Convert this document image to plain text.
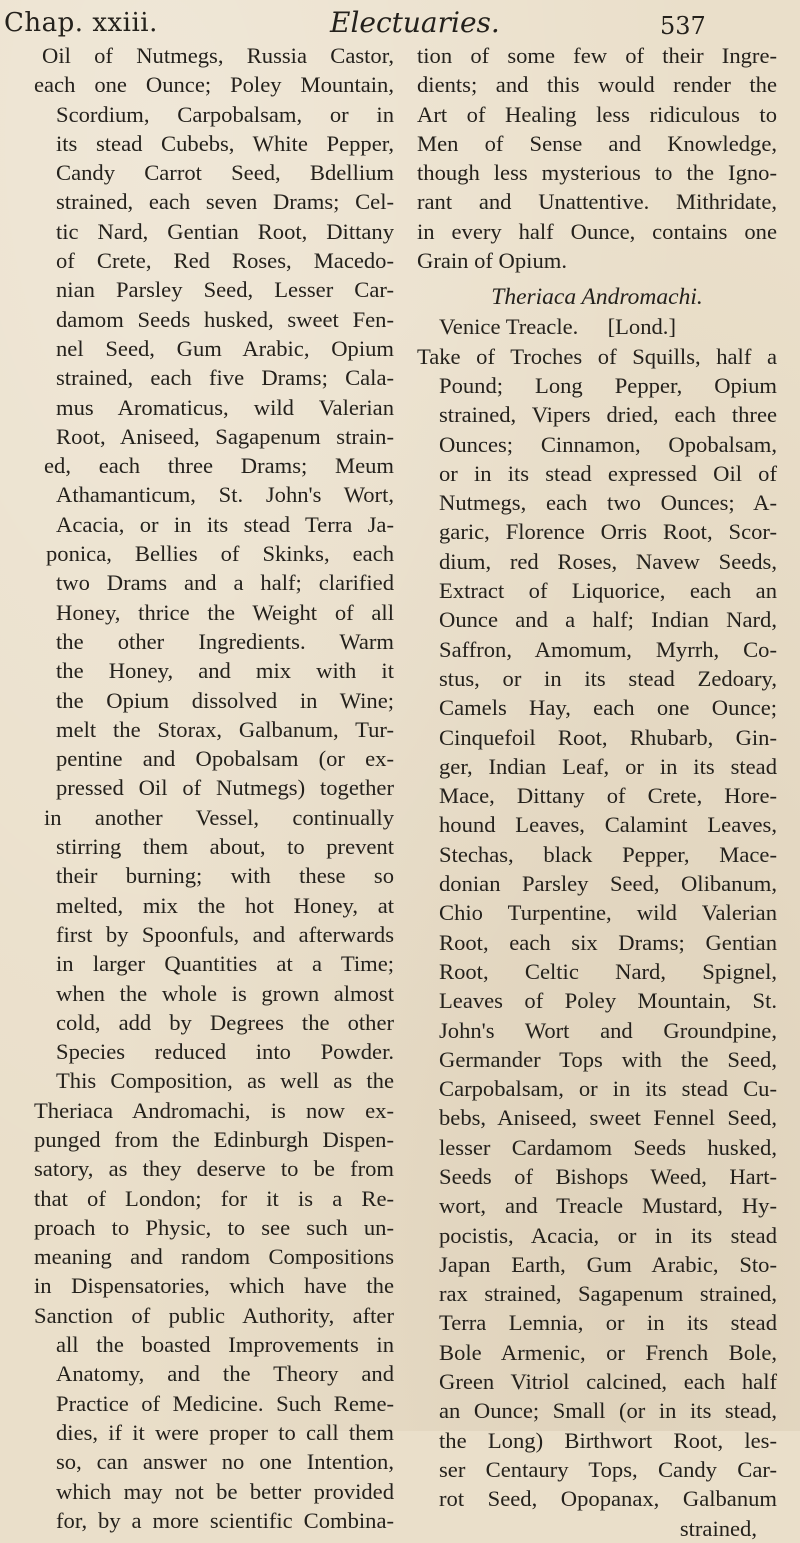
Chap. xxiii.	Electuaries.	537
Oil of Nutmegs, Russia Castor,
each one Ounce; Poley Mountain,
Scordium, Carpobalsam, or in
its stead Cubebs, White Pepper,
Candy Carrot Seed, Bdellium
strained, each seven Drams; Cel-
tic Nard, Gentian Root, Dittany
of Crete, Red Roses, Macedo-
nian Parsley Seed, Lesser Car-
damom Seeds husked, sweet Fen-
nel Seed, Gum Arabic, Opium
strained, each five Drams; Cala-
mus Aromaticus, wild Valerian
Root, Aniseed, Sagapenum strain-
ed, each three Drams; Meum
Athamanticum, St. John's Wort,
Acacia, or in its stead Terra Ja-
ponica, Bellies of Skinks, each
two Drams and a half; clarified
Honey, thrice the Weight of all
the other Ingredients. Warm
the Honey, and mix with it
the Opium dissolved in Wine;
melt the Storax, Galbanum, Tur-
pentine and Opobalsam (or ex-
pressed Oil of Nutmegs) together
in another Vessel, continually
stirring them about, to prevent
their burning; with these so
melted, mix the hot Honey, at
first by Spoonfuls, and afterwards
in larger Quantities at a Time;
when the whole is grown almost
cold, add by Degrees the other
Species reduced into Powder.
This Composition, as well as the
Theriaca Andromachi, is now ex-
punged from the Edinburgh Dispen-
satory, as they deserve to be from
that of London; for it is a Re-
proach to Physic, to see such un-
meaning and random Compositions
in Dispensatories, which have the
Sanction of public Authority, after
all the boasted Improvements in
Anatomy, and the Theory and
Practice of Medicine. Such Reme-
dies, if it were proper to call them
so, can answer no one Intention,
which may not be better provided
for, by a more scientific Combina-
tion of some few of their Ingre-
dients; and this would render the
Art of Healing less ridiculous to
Men of Sense and Knowledge,
though less mysterious to the Igno-
rant and Unattentive. Mithridate,
in every half Ounce, contains one
Grain of Opium.
Theriaca Andromachi.
Venice Treacle. [Lond.]
Take of Troches of Squills, half a
Pound; Long Pepper, Opium
strained, Vipers dried, each three
Ounces; Cinnamon, Opobalsam,
or in its stead expressed Oil of
Nutmegs, each two Ounces; A-
garic, Florence Orris Root, Scor-
dium, red Roses, Navew Seeds,
Extract of Liquorice, each an
Ounce and a half; Indian Nard,
Saffron, Amomum, Myrrh, Co-
stus, or in its stead Zedoary,
Camels Hay, each one Ounce;
Cinquefoil Root, Rhubarb, Gin-
ger, Indian Leaf, or in its stead
Mace, Dittany of Crete, Hore-
hound Leaves, Calamint Leaves,
Stechas, black Pepper, Mace-
donian Parsley Seed, Olibanum,
Chio Turpentine, wild Valerian
Root, each six Drams; Gentian
Root, Celtic Nard, Spignel,
Leaves of Poley Mountain, St.
John's Wort and Groundpine,
Germander Tops with the Seed,
Carpobalsam, or in its stead Cu-
bebs, Aniseed, sweet Fennel Seed,
lesser Cardamom Seeds husked,
Seeds of Bishops Weed, Hart-
wort, and Treacle Mustard, Hy-
pocistis, Acacia, or in its stead
Japan Earth, Gum Arabic, Sto-
rax strained, Sagapenum strained,
Terra Lemnia, or in its stead
Bole Armenic, or French Bole,
Green Vitriol calcined, each half
an Ounce; Small (or in its stead,
the Long) Birthwort Root, les-
ser Centaury Tops, Candy Car-
rot Seed, Opopanax, Galbanum
strained,
